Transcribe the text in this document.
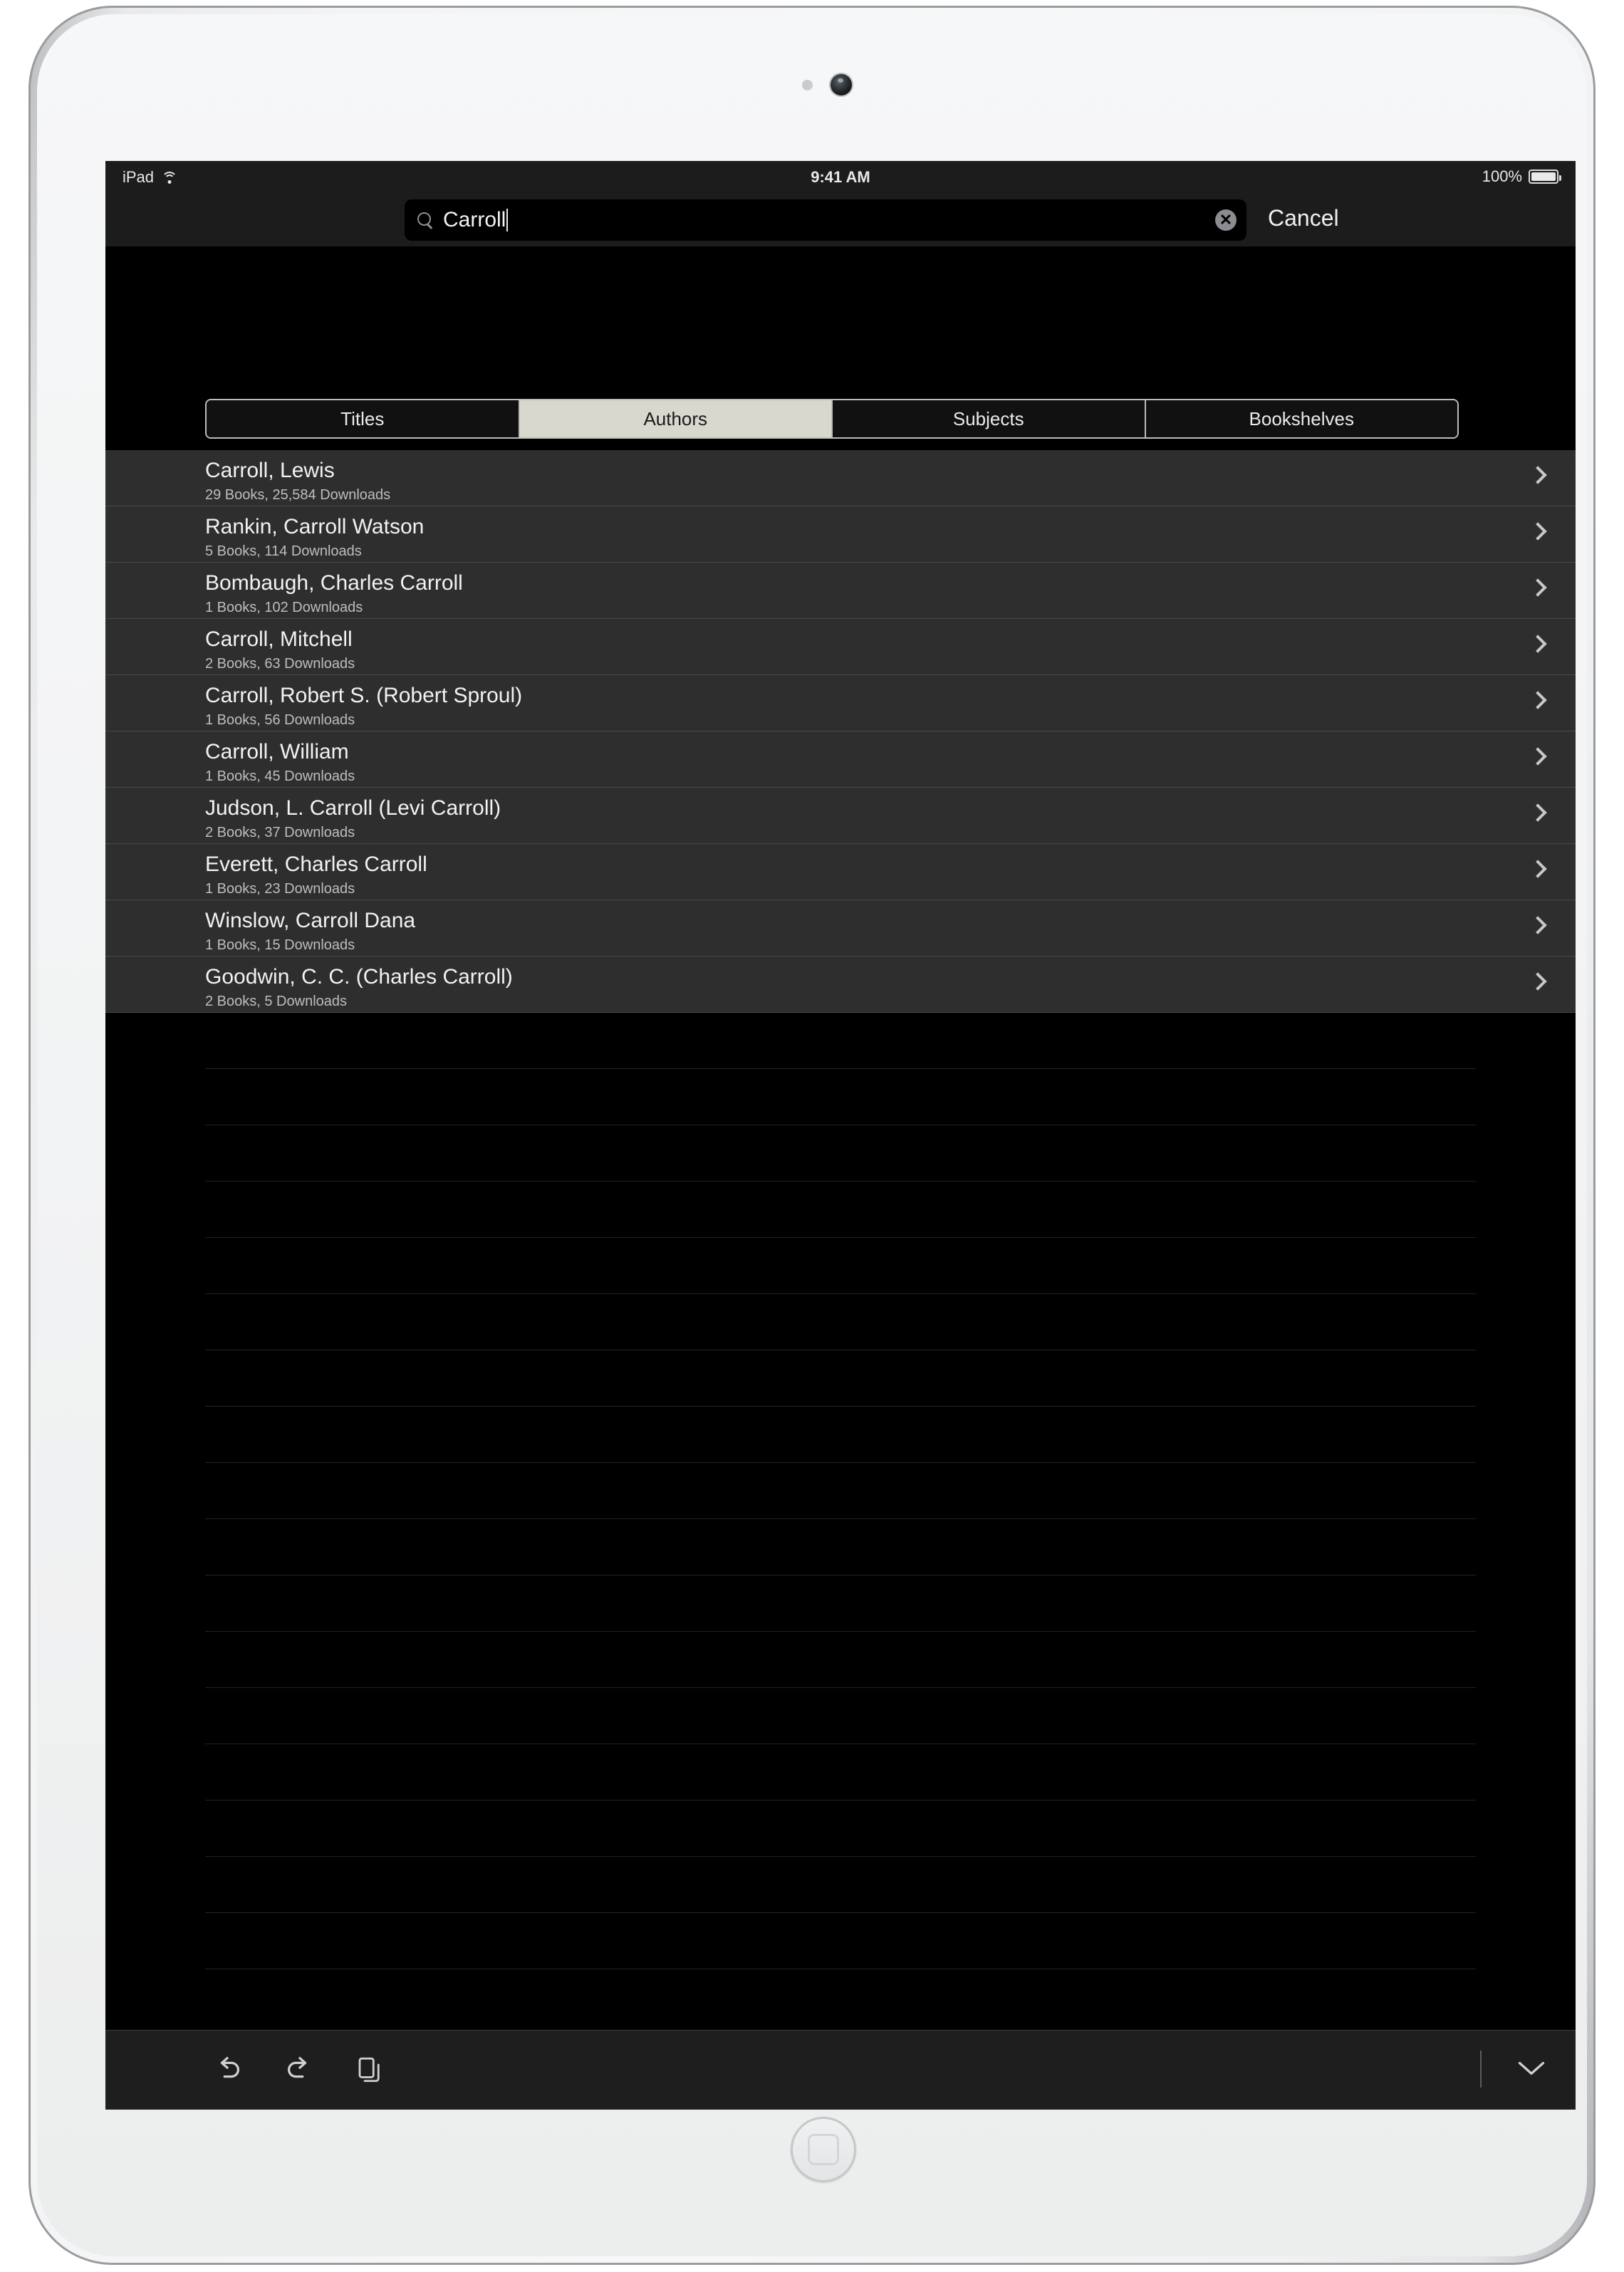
iPad	9:41 AM	100%
Carroll	✕ Cancel
Titles	Authors	Subjects	Bookshelves
Carroll, Lewis
29 Books, 25,584 Downloads
Rankin, Carroll Watson
5 Books, 114 Downloads
Bombaugh, Charles Carroll
1 Books, 102 Downloads
Carroll, Mitchell
2 Books, 63 Downloads
Carroll, Robert S. (Robert Sproul)
1 Books, 56 Downloads
Carroll, William
1 Books, 45 Downloads
Judson, L. Carroll (Levi Carroll)
2 Books, 37 Downloads
Everett, Charles Carroll
1 Books, 23 Downloads
Winslow, Carroll Dana
1 Books, 15 Downloads
Goodwin, C. C. (Charles Carroll)
2 Books, 5 Downloads
